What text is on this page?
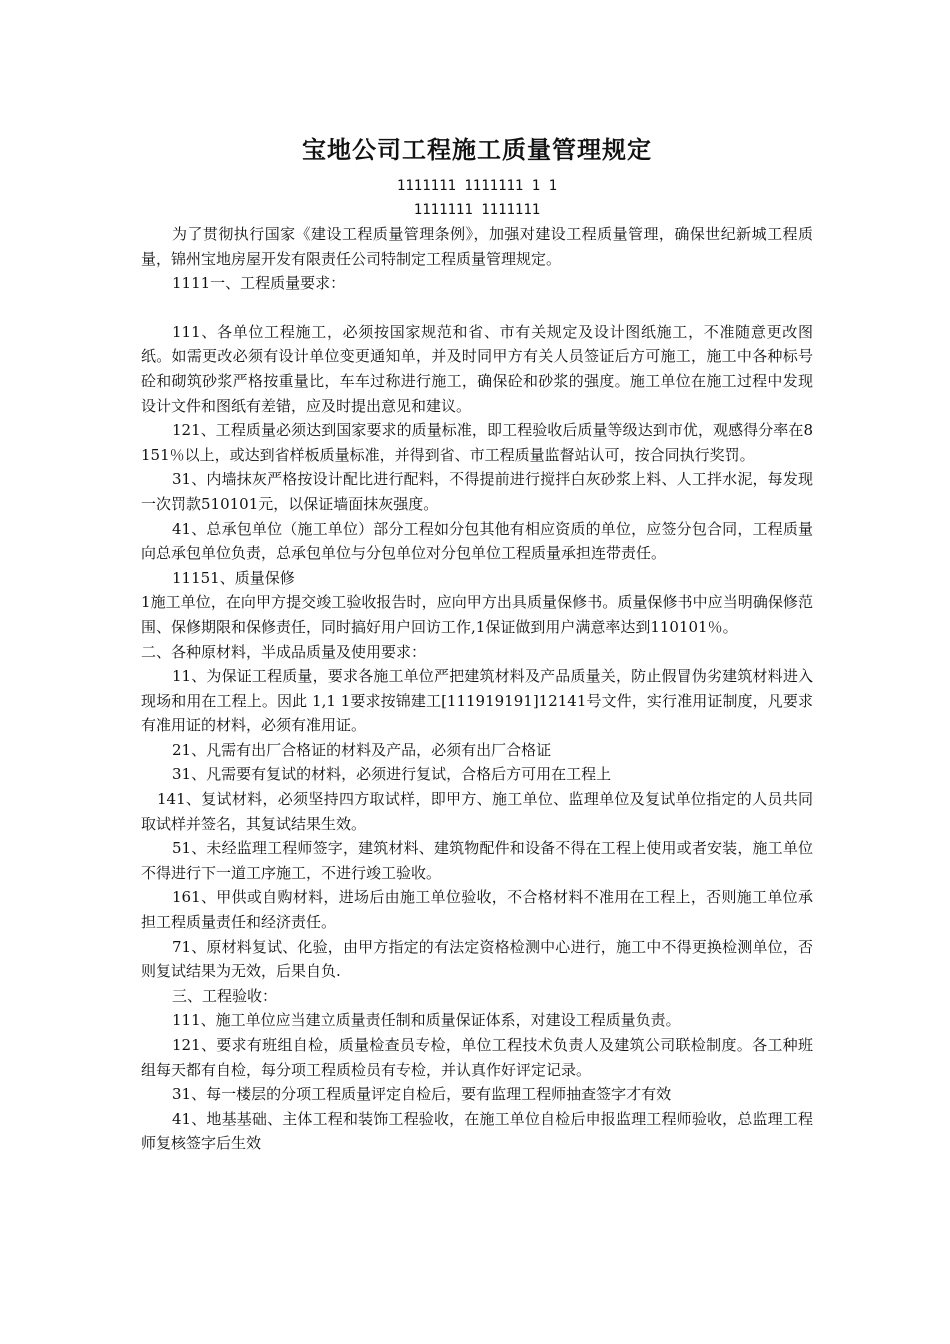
宝地公司工程施工质量管理规定

1111111 1111111 1 1

1111111 1111111

为了贯彻执行国家《建设工程质量管理条例》，加强对建设工程质量管理，确保世纪新城工程质量，锦州宝地房屋开发有限责任公司特制定工程质量管理规定。

1111一、工程质量要求：

111、各单位工程施工，必须按国家规范和省、市有关规定及设计图纸施工，不准随意更改图纸。如需更改必须有设计单位变更通知单，并及时同甲方有关人员签证后方可施工，施工中各种标号砼和砌筑砂浆严格按重量比，车车过称进行施工，确保砼和砂浆的强度。施工单位在施工过程中发现设计文件和图纸有差错，应及时提出意见和建议。

121、工程质量必须达到国家要求的质量标准，即工程验收后质量等级达到市优，观感得分率在8151％以上，或达到省样板质量标准，并得到省、市工程质量监督站认可，按合同执行奖罚。

31、内墙抹灰严格按设计配比进行配料，不得提前进行搅拌白灰砂浆上料、人工拌水泥，每发现一次罚款510101元，以保证墙面抹灰强度。

41、总承包单位（施工单位）部分工程如分包其他有相应资质的单位，应签分包合同，工程质量向总承包单位负责，总承包单位与分包单位对分包单位工程质量承担连带责任。

11151、质量保修

1施工单位，在向甲方提交竣工验收报告时，应向甲方出具质量保修书。质量保修书中应当明确保修范围、保修期限和保修责任，同时搞好用户回访工作,1保证做到用户满意率达到110101％。

二、各种原材料，半成品质量及使用要求：

11、为保证工程质量，要求各施工单位严把建筑材料及产品质量关，防止假冒伪劣建筑材料进入现场和用在工程上。因此 1,1 1要求按锦建工[111919191]12141号文件，实行准用证制度，凡要求有准用证的材料，必须有准用证。

21、凡需有出厂合格证的材料及产品，必须有出厂合格证

31、凡需要有复试的材料，必须进行复试，合格后方可用在工程上

141、复试材料，必须坚持四方取试样，即甲方、施工单位、监理单位及复试单位指定的人员共同取试样并签名，其复试结果生效。

51、未经监理工程师签字，建筑材料、建筑物配件和设备不得在工程上使用或者安装，施工单位不得进行下一道工序施工，不进行竣工验收。

161、甲供或自购材料，进场后由施工单位验收，不合格材料不准用在工程上，否则施工单位承担工程质量责任和经济责任。

71、原材料复试、化验，由甲方指定的有法定资格检测中心进行，施工中不得更换检测单位，否则复试结果为无效，后果自负.

三、工程验收：

111、施工单位应当建立质量责任制和质量保证体系，对建设工程质量负责。

121、要求有班组自检，质量检查员专检，单位工程技术负责人及建筑公司联检制度。各工种班组每天都有自检，每分项工程质检员有专检，并认真作好评定记录。

31、每一楼层的分项工程质量评定自检后，要有监理工程师抽查签字才有效

41、地基基础、主体工程和装饰工程验收，在施工单位自检后申报监理工程师验收，总监理工程师复核签字后生效
